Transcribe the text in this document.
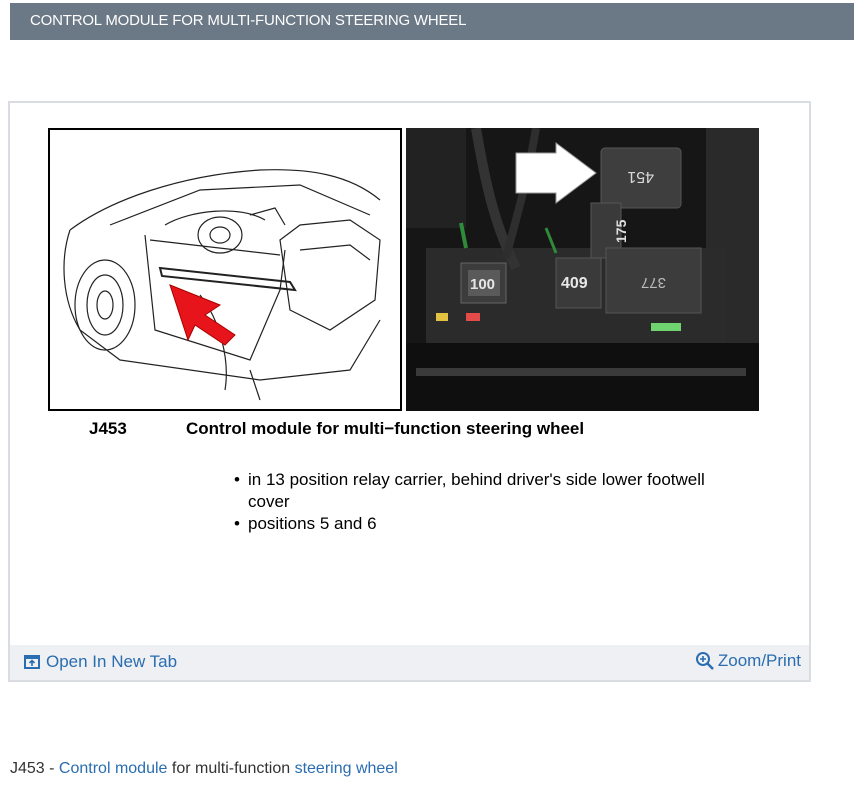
CONTROL MODULE FOR MULTI-FUNCTION STEERING WHEEL
451
175
100	409	377
J453	Control module for multi−function steering wheel
• in 13 position relay carrier, behind driver's side lower footwell cover
• positions 5 and 6
Open In New Tab	Zoom/Print
J453 - Control module for multi-function steering wheel
